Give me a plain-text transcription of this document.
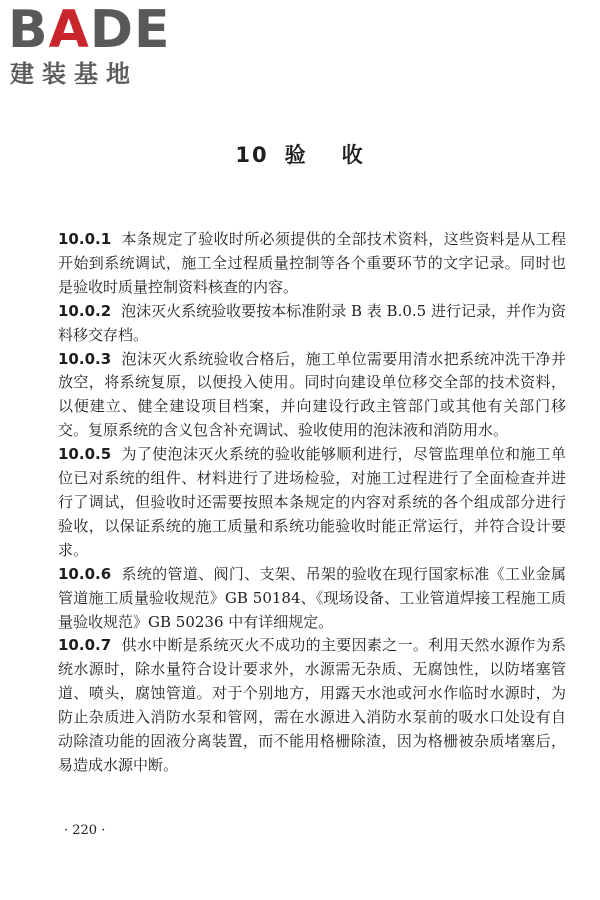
BADE
建装基地
10 验 收

10.0.1 本条规定了验收时所必须提供的全部技术资料，这些资料是从工程开始到系统调试，施工全过程质量控制等各个重要环节的文字记录。同时也是验收时质量控制资料核查的内容。

10.0.2 泡沫灭火系统验收要按本标准附录 B 表 B.0.5 进行记录，并作为资料移交存档。

10.0.3 泡沫灭火系统验收合格后，施工单位需要用清水把系统冲洗干净并放空，将系统复原，以便投入使用。同时向建设单位移交全部的技术资料，以便建立、健全建设项目档案，并向建设行政主管部门或其他有关部门移交。复原系统的含义包含补充调试、验收使用的泡沫液和消防用水。

10.0.5 为了使泡沫灭火系统的验收能够顺利进行，尽管监理单位和施工单位已对系统的组件、材料进行了进场检验，对施工过程进行了全面检查并进行了调试，但验收时还需要按照本条规定的内容对系统的各个组成部分进行验收，以保证系统的施工质量和系统功能验收时能正常运行，并符合设计要求。

10.0.6 系统的管道、阀门、支架、吊架的验收在现行国家标准《工业金属管道施工质量验收规范》GB 50184、《现场设备、工业管道焊接工程施工质量验收规范》GB 50236 中有详细规定。

10.0.7 供水中断是系统灭火不成功的主要因素之一。利用天然水源作为系统水源时，除水量符合设计要求外，水源需无杂质、无腐蚀性，以防堵塞管道、喷头，腐蚀管道。对于个别地方，用露天水池或河水作临时水源时，为防止杂质进入消防水泵和管网，需在水源进入消防水泵前的吸水口处设有自动除渣功能的固液分离装置，而不能用格栅除渣，因为格栅被杂质堵塞后，易造成水源中断。

· 220 ·
